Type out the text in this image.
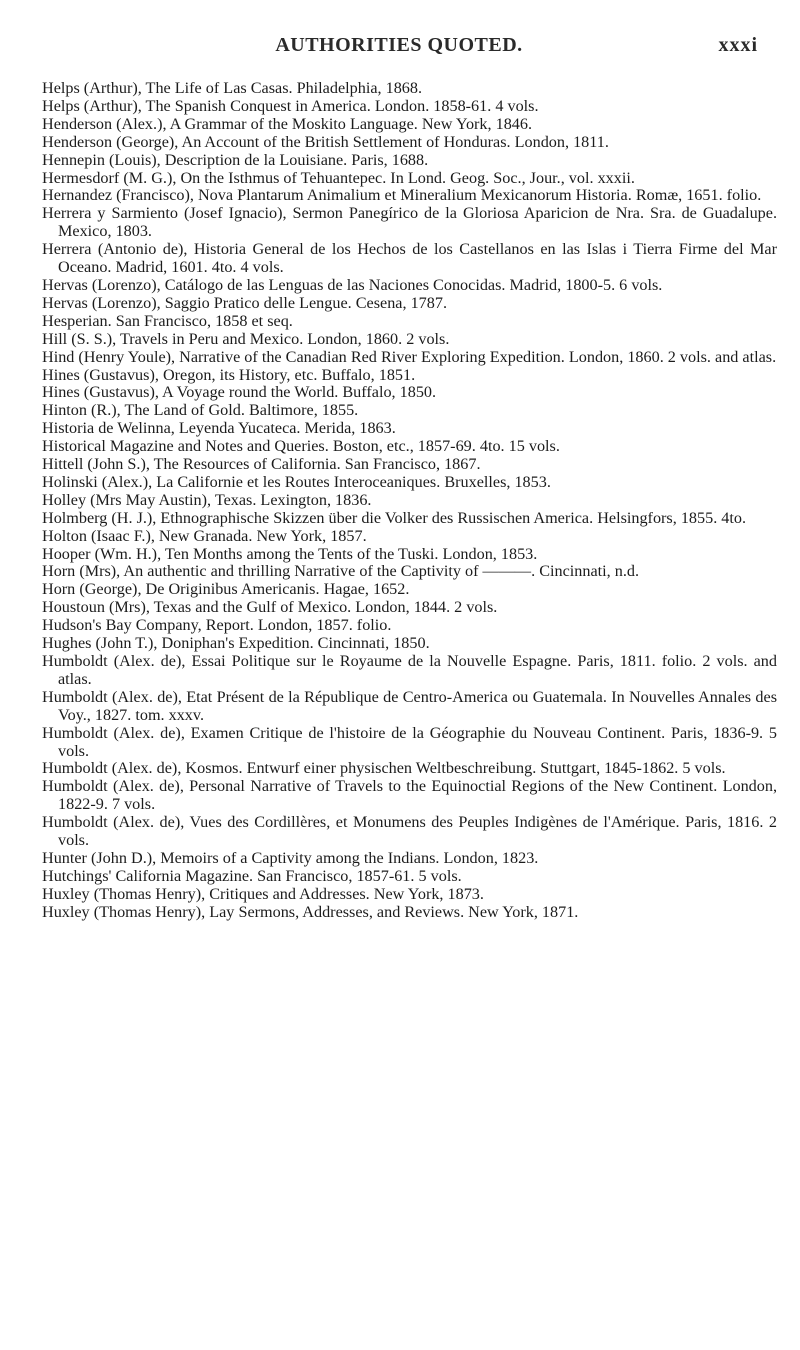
AUTHORITIES QUOTED.	xxxi
Helps (Arthur), The Life of Las Casas. Philadelphia, 1868.
Helps (Arthur), The Spanish Conquest in America. London. 1858-61. 4 vols.
Henderson (Alex.), A Grammar of the Moskito Language. New York, 1846.
Henderson (George), An Account of the British Settlement of Honduras. London, 1811.
Hennepin (Louis), Description de la Louisiane. Paris, 1688.
Hermesdorf (M. G.), On the Isthmus of Tehuantepec. In Lond. Geog. Soc., Jour., vol. xxxii.
Hernandez (Francisco), Nova Plantarum Animalium et Mineralium Mexicanorum Historia. Romæ, 1651. folio.
Herrera y Sarmiento (Josef Ignacio), Sermon Panegírico de la Gloriosa Aparicion de Nra. Sra. de Guadalupe. Mexico, 1803.
Herrera (Antonio de), Historia General de los Hechos de los Castellanos en las Islas i Tierra Firme del Mar Oceano. Madrid, 1601. 4to. 4 vols.
Hervas (Lorenzo), Catálogo de las Lenguas de las Naciones Conocidas. Madrid, 1800-5. 6 vols.
Hervas (Lorenzo), Saggio Pratico delle Lengue. Cesena, 1787.
Hesperian. San Francisco, 1858 et seq.
Hill (S. S.), Travels in Peru and Mexico. London, 1860. 2 vols.
Hind (Henry Youle), Narrative of the Canadian Red River Exploring Expedition. London, 1860. 2 vols. and atlas.
Hines (Gustavus), Oregon, its History, etc. Buffalo, 1851.
Hines (Gustavus), A Voyage round the World. Buffalo, 1850.
Hinton (R.), The Land of Gold. Baltimore, 1855.
Historia de Welinna, Leyenda Yucateca. Merida, 1863.
Historical Magazine and Notes and Queries. Boston, etc., 1857-69. 4to. 15 vols.
Hittell (John S.), The Resources of California. San Francisco, 1867.
Holinski (Alex.), La Californie et les Routes Interoceaniques. Bruxelles, 1853.
Holley (Mrs May Austin), Texas. Lexington, 1836.
Holmberg (H. J.), Ethnographische Skizzen über die Volker des Russischen America. Helsingfors, 1855. 4to.
Holton (Isaac F.), New Granada. New York, 1857.
Hooper (Wm. H.), Ten Months among the Tents of the Tuski. London, 1853.
Horn (Mrs), An authentic and thrilling Narrative of the Captivity of ———. Cincinnati, n.d.
Horn (George), De Originibus Americanis. Hagae, 1652.
Houstoun (Mrs), Texas and the Gulf of Mexico. London, 1844. 2 vols.
Hudson's Bay Company, Report. London, 1857. folio.
Hughes (John T.), Doniphan's Expedition. Cincinnati, 1850.
Humboldt (Alex. de), Essai Politique sur le Royaume de la Nouvelle Espagne. Paris, 1811. folio. 2 vols. and atlas.
Humboldt (Alex. de), Etat Présent de la République de Centro-America ou Guatemala. In Nouvelles Annales des Voy., 1827. tom. xxxv.
Humboldt (Alex. de), Examen Critique de l'histoire de la Géographie du Nouveau Continent. Paris, 1836-9. 5 vols.
Humboldt (Alex. de), Kosmos. Entwurf einer physischen Weltbeschreibung. Stuttgart, 1845-1862. 5 vols.
Humboldt (Alex. de), Personal Narrative of Travels to the Equinoctial Regions of the New Continent. London, 1822-9. 7 vols.
Humboldt (Alex. de), Vues des Cordillères, et Monumens des Peuples Indigènes de l'Amérique. Paris, 1816. 2 vols.
Hunter (John D.), Memoirs of a Captivity among the Indians. London, 1823.
Hutchings' California Magazine. San Francisco, 1857-61. 5 vols.
Huxley (Thomas Henry), Critiques and Addresses. New York, 1873.
Huxley (Thomas Henry), Lay Sermons, Addresses, and Reviews. New York, 1871.
